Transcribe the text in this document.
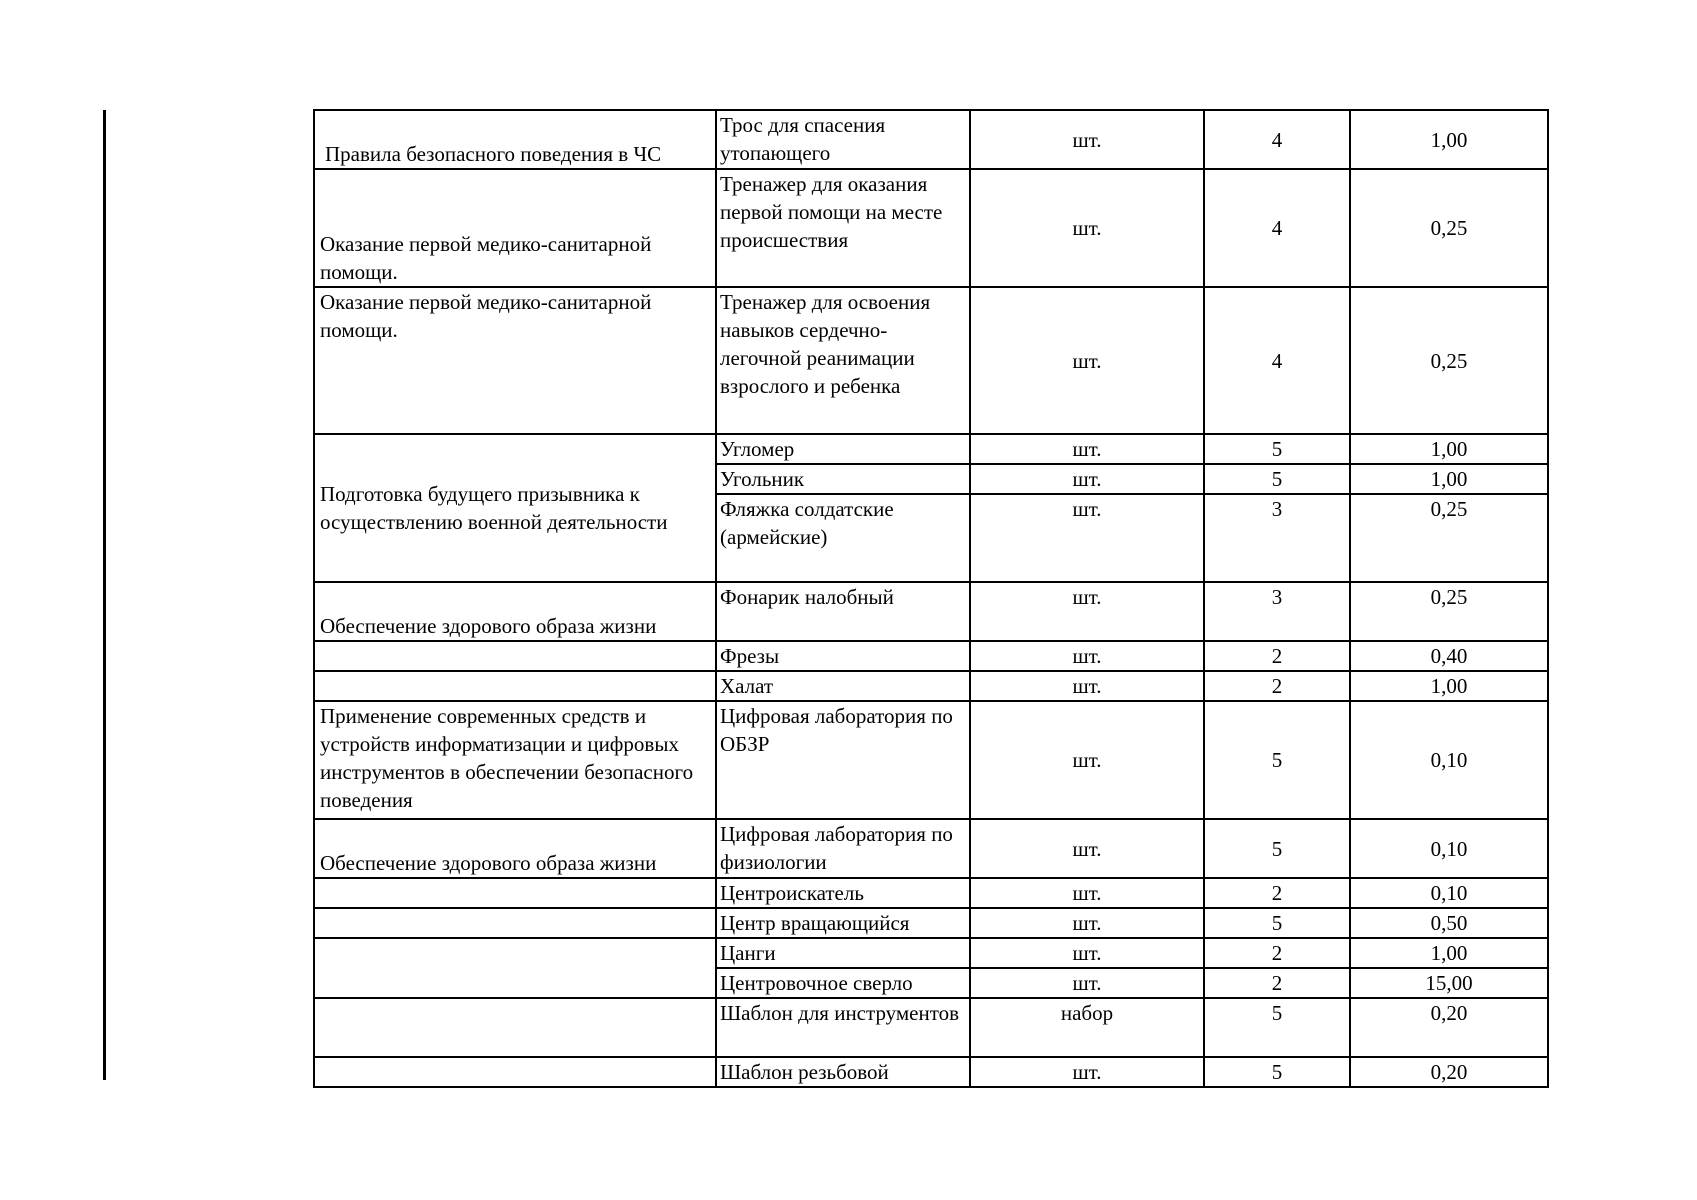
Правила безопасного поведения в ЧС	Трос для спасения утопающего	шт.	4	1,00

Оказание первой медико-санитарной помощи.	Тренажер для оказания первой помощи на месте происшествия	шт.	4	0,25

Оказание первой медико-санитарной помощи.	Тренажер для освоения навыков сердечно-легочной реанимации взрослого и ребенка	шт.	4	0,25

Подготовка будущего призывника к осуществлению военной деятельности	Угломер	шт.	5	1,00
	Угольник	шт.	5	1,00
	Фляжка солдатские (армейские)	шт.	3	0,25

Обеспечение здорового образа жизни	Фонарик налобный	шт.	3	0,25

	Фрезы	шт.	2	0,40

	Халат	шт.	2	1,00

Применение современных средств и устройств информатизации и цифровых инструментов в обеспечении безопасного поведения	Цифровая лаборатория по ОБЗР	шт.	5	0,10

Обеспечение здорового образа жизни	Цифровая лаборатория по физиологии	шт.	5	0,10

	Центроискатель	шт.	2	0,10

	Центр вращающийся	шт.	5	0,50

	Цанги	шт.	2	1,00
	Центровочное сверло	шт.	2	15,00

	Шаблон для инструментов	набор	5	0,20

	Шаблон резьбовой	шт.	5	0,20
